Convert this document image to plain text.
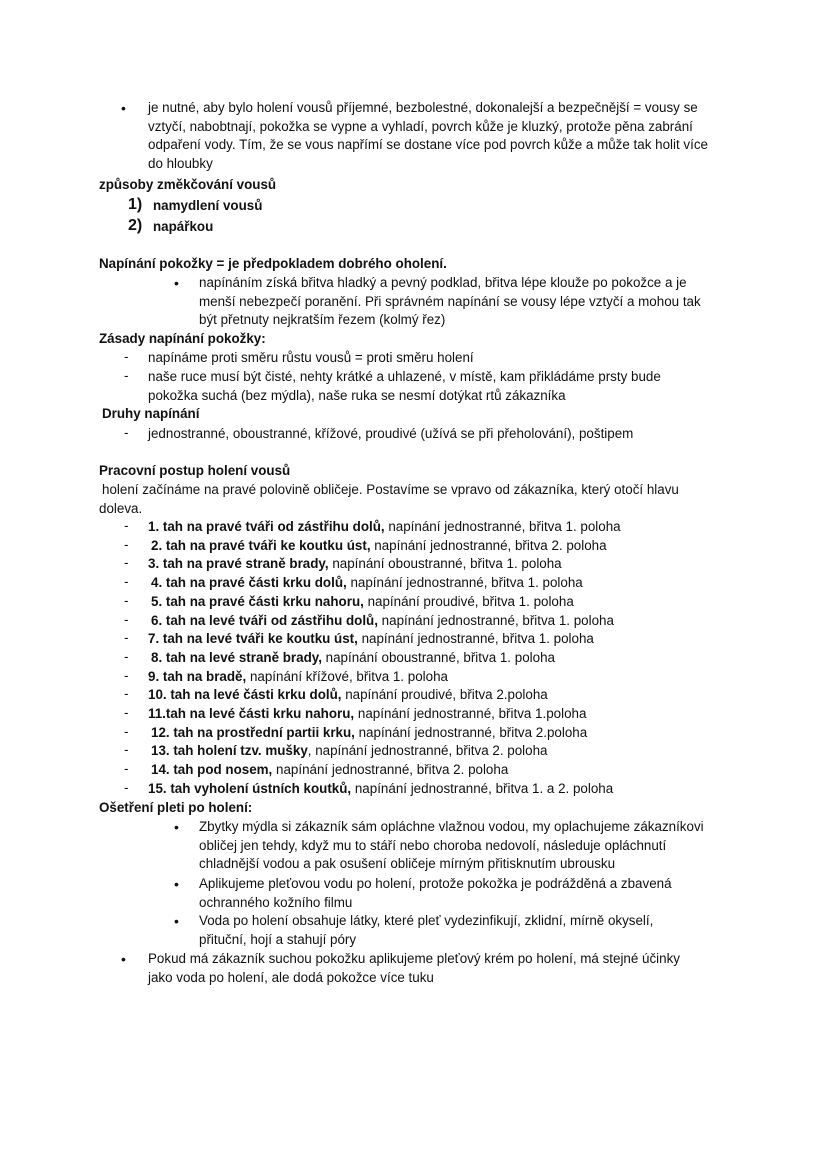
• je nutné, aby bylo holení vousů příjemné, bezbolestné, dokonalejší a bezpečnější = vousy se
vztyčí, nabobtnají, pokožka se vypne a vyhladí, povrch kůže je kluzký, protože pěna zabrání
odpaření vody. Tím, že se vous napřímí se dostane více pod povrch kůže a může tak holit více
do hloubky
způsoby změkčování vousů
1) namydlení vousů
2) napářkou
Napínání pokožky = je předpokladem dobrého oholení.
• napínáním získá břitva hladký a pevný podklad, břitva lépe klouže po pokožce a je
menší nebezpečí poranění. Při správném napínání se vousy lépe vztyčí a mohou tak
být přetnuty nejkratším řezem (kolmý řez)
Zásady napínání pokožky:
- napínáme proti směru růstu vousů = proti směru holení
- naše ruce musí být čisté, nehty krátké a uhlazené, v místě, kam přikládáme prsty bude
pokožka suchá (bez mýdla), naše ruka se nesmí dotýkat rtů zákazníka
Druhy napínání
- jednostranné, oboustranné, křížové, proudivé (užívá se při přeholování), poštipem
Pracovní postup holení vousů
holení začínáme na pravé polovině obličeje. Postavíme se vpravo od zákazníka, který otočí hlavu
doleva.
- 1. tah na pravé tváři od zástřihu dolů, napínání jednostranné, břitva 1. poloha
- 2. tah na pravé tváři ke koutku úst, napínání jednostranné, břitva 2. poloha
- 3. tah na pravé straně brady, napínání oboustranné, břitva 1. poloha
- 4. tah na pravé části krku dolů, napínání jednostranné, břitva 1. poloha
- 5. tah na pravé části krku nahoru, napínání proudivé, břitva 1. poloha
- 6. tah na levé tváři od zástřihu dolů, napínání jednostranné, břitva 1. poloha
- 7. tah na levé tváři ke koutku úst, napínání jednostranné, břitva 1. poloha
- 8. tah na levé straně brady, napínání oboustranné, břitva 1. poloha
- 9. tah na bradě, napínání křížové, břitva 1. poloha
- 10. tah na levé části krku dolů, napínání proudivé, břitva 2.poloha
- 11.tah na levé části krku nahoru, napínání jednostranné, břitva 1.poloha
- 12. tah na prostřední partii krku, napínání jednostranné, břitva 2.poloha
- 13. tah holení tzv. mušky, napínání jednostranné, břitva 2. poloha
- 14. tah pod nosem, napínání jednostranné, břitva 2. poloha
- 15. tah vyholení ústních koutků, napínání jednostranné, břitva 1. a 2. poloha
Ošetření pleti po holení:
• Zbytky mýdla si zákazník sám opláchne vlažnou vodou, my oplachujeme zákazníkovi
obličej jen tehdy, když mu to stáří nebo choroba nedovolí, následuje opláchnutí
chladnější vodou a pak osušení obličeje mírným přitisknutím ubrousku
• Aplikujeme pleťovou vodu po holení, protože pokožka je podrážděná a zbavená
ochranného kožního filmu
• Voda po holení obsahuje látky, které pleť vydezinfikují, zklidní, mírně okyselí,
přituční, hojí a stahují póry
• Pokud má zákazník suchou pokožku aplikujeme pleťový krém po holení, má stejné účinky
jako voda po holení, ale dodá pokožce více tuku
